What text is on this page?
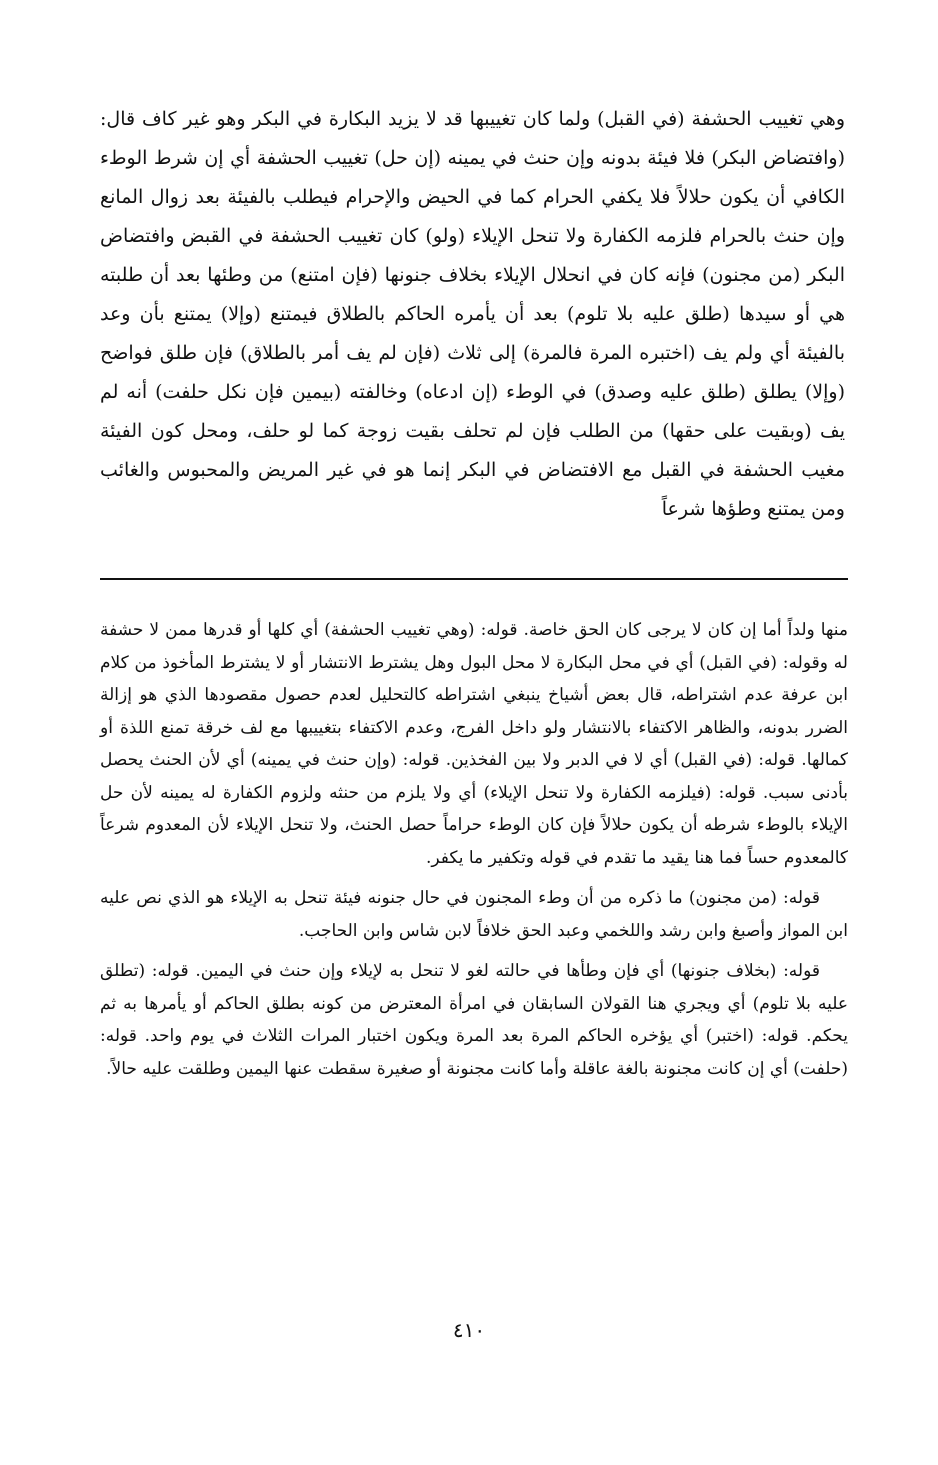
وهي تغييب الحشفة (في القبل) ولما كان تغييبها قد لا يزيد البكارة في البكر وهو غير كاف قال: (وافتضاض البكر) فلا فيئة بدونه وإن حنث في يمينه (إن حل) تغييب الحشفة أي إن شرط الوطء الكافي أن يكون حلالاً فلا يكفي الحرام كما في الحيض والإحرام فيطلب بالفيئة بعد زوال المانع وإن حنث بالحرام فلزمه الكفارة ولا تنحل الإيلاء (ولو) كان تغييب الحشفة في القبض وافتضاض البكر (من مجنون) فإنه كان في انحلال الإيلاء بخلاف جنونها (فإن امتنع) من وطئها بعد أن طلبته هي أو سيدها (طلق عليه بلا تلوم) بعد أن يأمره الحاكم بالطلاق فيمتنع (وإلا) يمتنع بأن وعد بالفيئة أي ولم يف (اختبره المرة فالمرة) إلى ثلاث (فإن لم يف أمر بالطلاق) فإن طلق فواضح (وإلا) يطلق (طلق عليه وصدق) في الوطء (إن ادعاه) وخالفته (بيمين فإن نكل حلفت) أنه لم يف (وبقيت على حقها) من الطلب فإن لم تحلف بقيت زوجة كما لو حلف، ومحل كون الفيئة مغيب الحشفة في القبل مع الافتضاض في البكر إنما هو في غير المريض والمحبوس والغائب ومن يمتنع وطؤها شرعاً

منها ولداً أما إن كان لا يرجى كان الحق خاصة. قوله: (وهي تغييب الحشفة) أي كلها أو قدرها ممن لا حشفة له وقوله: (في القبل) أي في محل البكارة لا محل البول وهل يشترط الانتشار أو لا يشترط المأخوذ من كلام ابن عرفة عدم اشتراطه، قال بعض أشياخ ينبغي اشتراطه كالتحليل لعدم حصول مقصودها الذي هو إزالة الضرر بدونه، والظاهر الاكتفاء بالانتشار ولو داخل الفرج، وعدم الاكتفاء بتغييبها مع لف خرقة تمنع اللذة أو كمالها. قوله: (في القبل) أي لا في الدبر ولا بين الفخذين. قوله: (وإن حنث في يمينه) أي لأن الحنث يحصل بأدنى سبب. قوله: (فيلزمه الكفارة ولا تنحل الإيلاء) أي ولا يلزم من حنثه ولزوم الكفارة له يمينه لأن حل الإيلاء بالوطء شرطه أن يكون حلالاً فإن كان الوطء حراماً حصل الحنث، ولا تنحل الإيلاء لأن المعدوم شرعاً كالمعدوم حساً فما هنا يقيد ما تقدم في قوله وتكفير ما يكفر.

قوله: (من مجنون) ما ذكره من أن وطء المجنون في حال جنونه فيئة تنحل به الإيلاء هو الذي نص عليه ابن المواز وأصبغ وابن رشد واللخمي وعبد الحق خلافاً لابن شاس وابن الحاجب.

قوله: (بخلاف جنونها) أي فإن وطأها في حالته لغو لا تنحل به لإيلاء وإن حنث في اليمين. قوله: (تطلق عليه بلا تلوم) أي ويجري هنا القولان السابقان في امرأة المعترض من كونه بطلق الحاكم أو يأمرها به ثم يحكم. قوله: (اختبر) أي يؤخره الحاكم المرة بعد المرة ويكون اختبار المرات الثلاث في يوم واحد. قوله: (حلفت) أي إن كانت مجنونة بالغة عاقلة وأما كانت مجنونة أو صغيرة سقطت عنها اليمين وطلقت عليه حالاً.

٤١٠
